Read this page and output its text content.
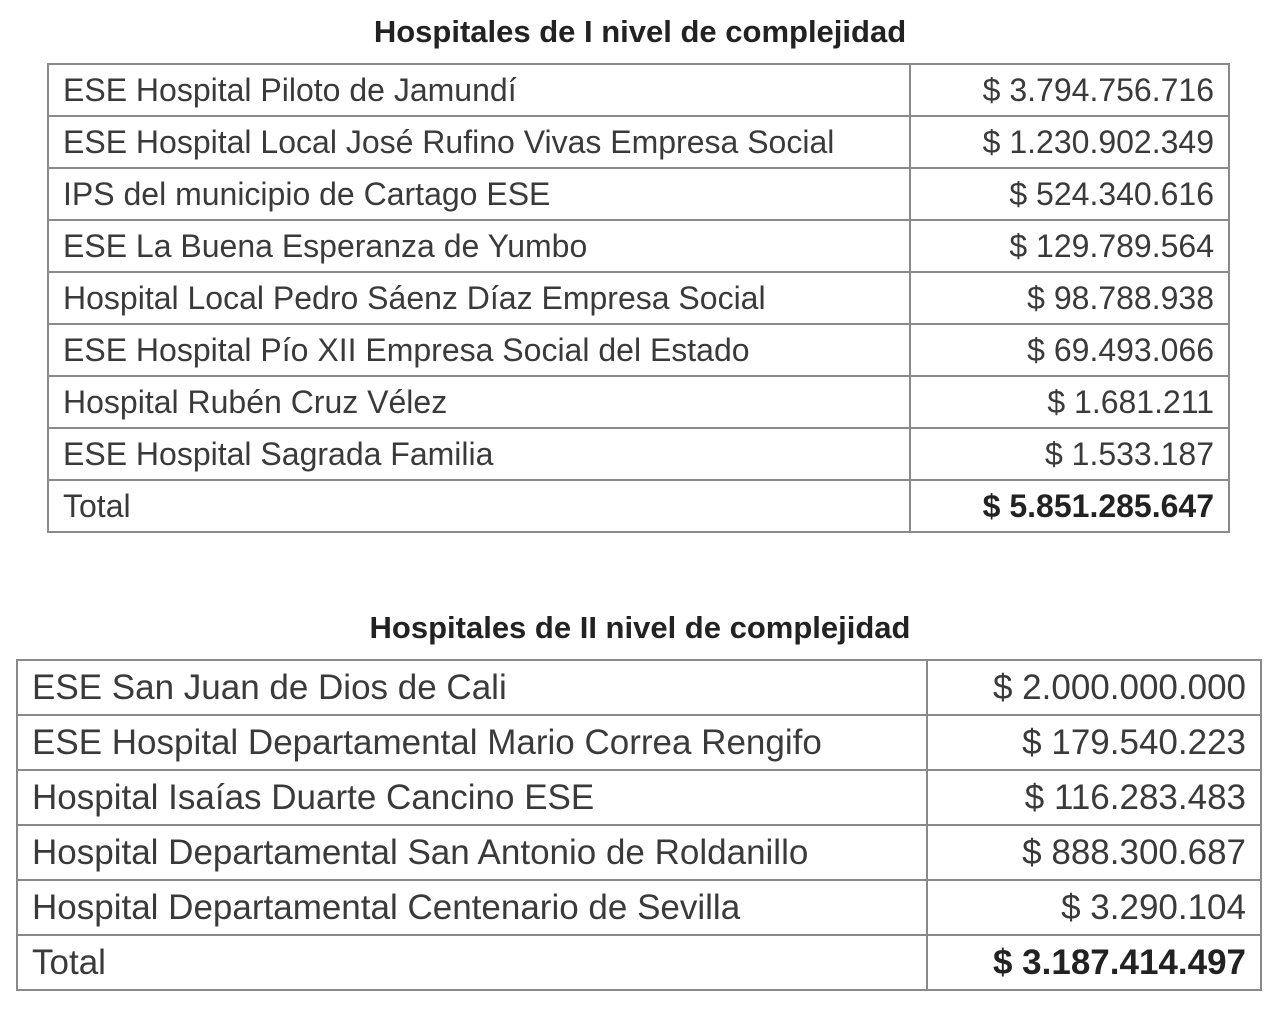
Hospitales de I nivel de complejidad
ESE Hospital Piloto de Jamundí	$ 3.794.756.716
ESE Hospital Local José Rufino Vivas Empresa Social	$ 1.230.902.349
IPS del municipio de Cartago ESE	$ 524.340.616
ESE La Buena Esperanza de Yumbo	$ 129.789.564
Hospital Local Pedro Sáenz Díaz Empresa Social	$ 98.788.938
ESE Hospital Pío XII Empresa Social del Estado	$ 69.493.066
Hospital Rubén Cruz Vélez	$ 1.681.211
ESE Hospital Sagrada Familia	$ 1.533.187
Total	$ 5.851.285.647
Hospitales de II nivel de complejidad
ESE San Juan de Dios de Cali	$ 2.000.000.000
ESE Hospital Departamental Mario Correa Rengifo	$ 179.540.223
Hospital Isaías Duarte Cancino ESE	$ 116.283.483
Hospital Departamental San Antonio de Roldanillo	$ 888.300.687
Hospital Departamental Centenario de Sevilla	$ 3.290.104
Total	$ 3.187.414.497
